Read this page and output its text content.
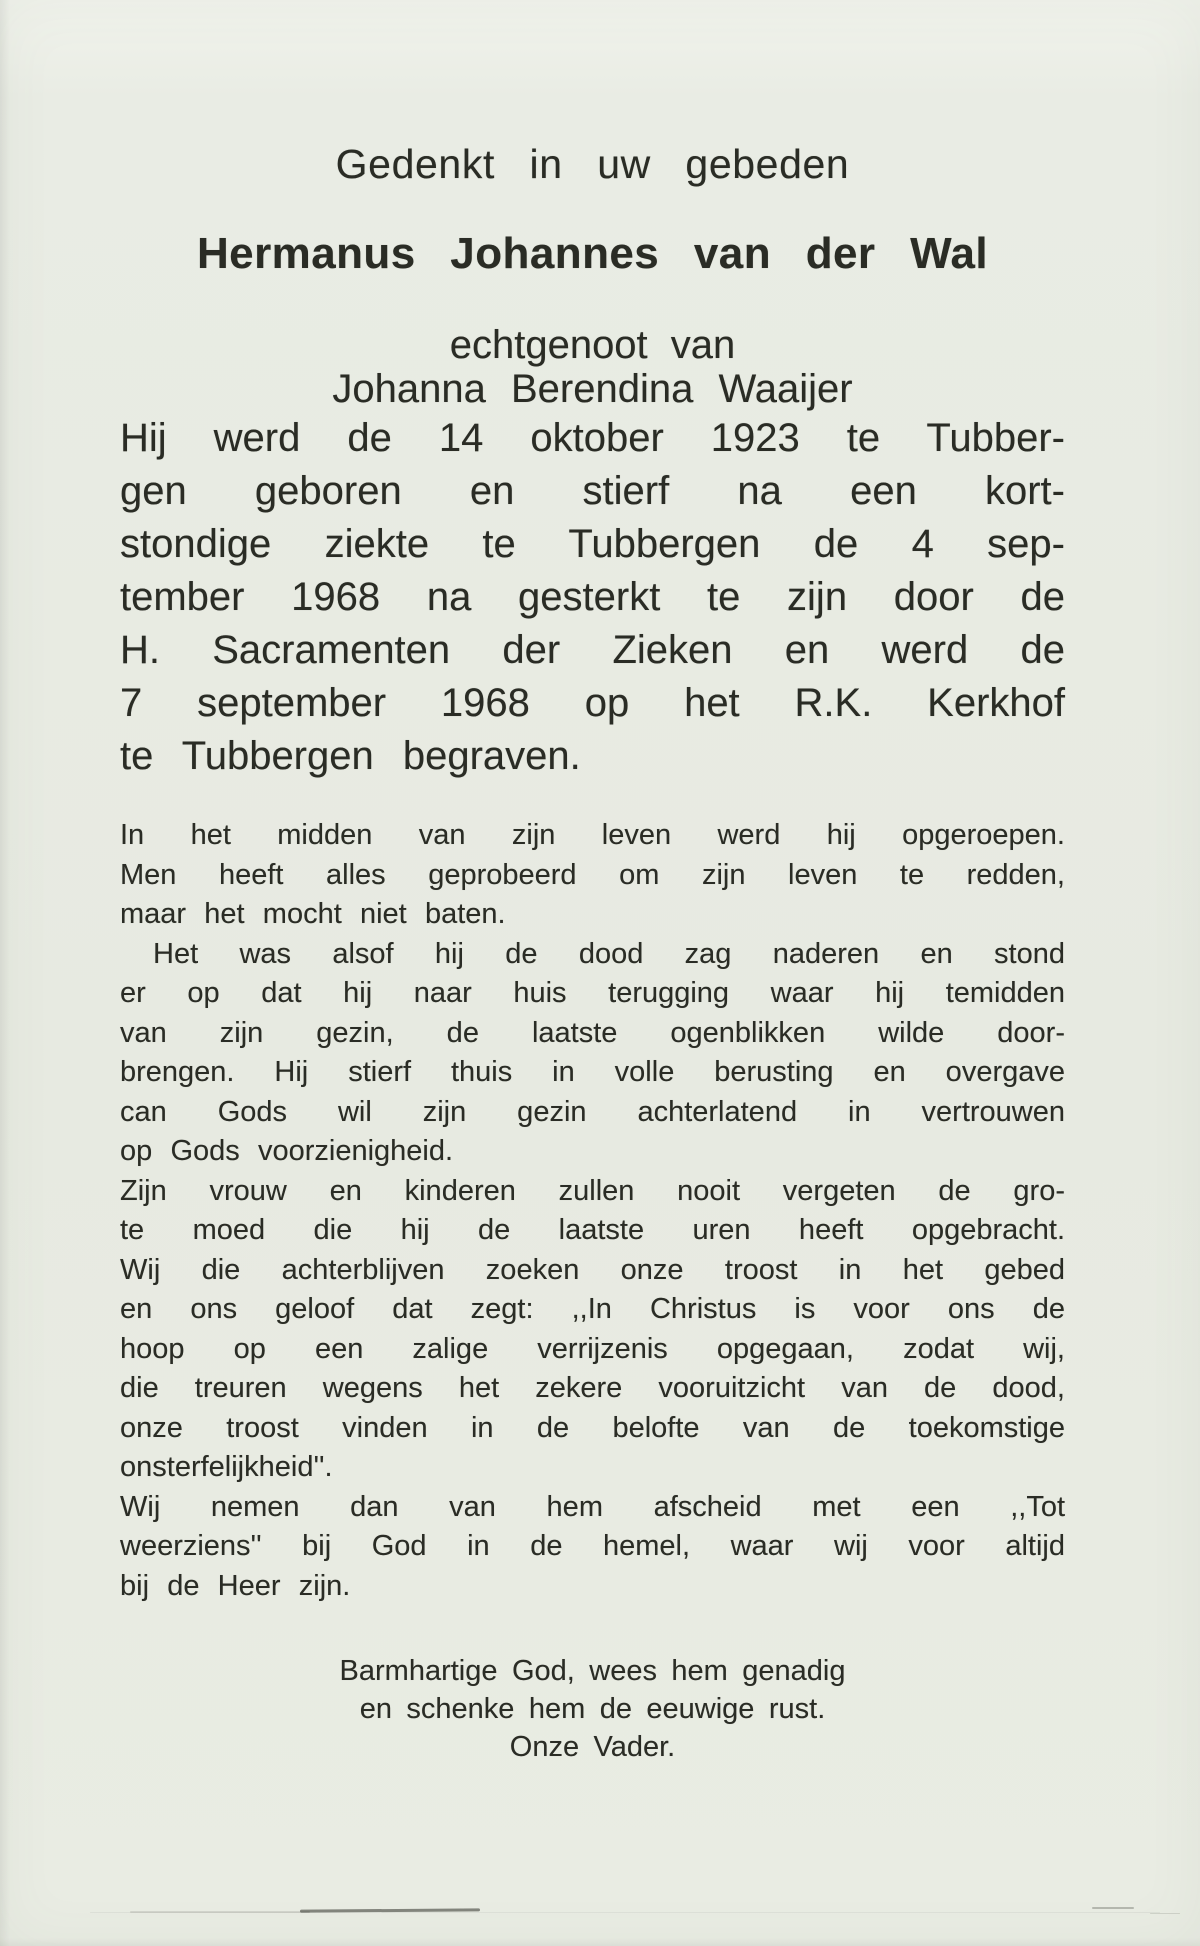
Gedenkt in uw gebeden
Hermanus Johannes van der Wal
echtgenoot van
Johanna Berendina Waaijer
Hij werd de 14 oktober 1923 te Tubber-
gen geboren en stierf na een kort-
stondige ziekte te Tubbergen de 4 sep-
tember 1968 na gesterkt te zijn door de
H. Sacramenten der Zieken en werd de
7 september 1968 op het R.K. Kerkhof
te Tubbergen begraven.
In het midden van zijn leven werd hij opgeroepen.
Men heeft alles geprobeerd om zijn leven te redden,
maar het mocht niet baten.
Het was alsof hij de dood zag naderen en stond
er op dat hij naar huis terugging waar hij temidden
van zijn gezin, de laatste ogenblikken wilde door-
brengen. Hij stierf thuis in volle berusting en overgave
can Gods wil zijn gezin achterlatend in vertrouwen
op Gods voorzienigheid.
Zijn vrouw en kinderen zullen nooit vergeten de gro-
te moed die hij de laatste uren heeft opgebracht.
Wij die achterblijven zoeken onze troost in het gebed
en ons geloof dat zegt: ,,In Christus is voor ons de
hoop op een zalige verrijzenis opgegaan, zodat wij,
die treuren wegens het zekere vooruitzicht van de dood,
onze troost vinden in de belofte van de toekomstige
onsterfelijkheid''.
Wij nemen dan van hem afscheid met een ,,Tot
weerziens'' bij God in de hemel, waar wij voor altijd
bij de Heer zijn.
Barmhartige God, wees hem genadig
en schenke hem de eeuwige rust.
Onze Vader.
